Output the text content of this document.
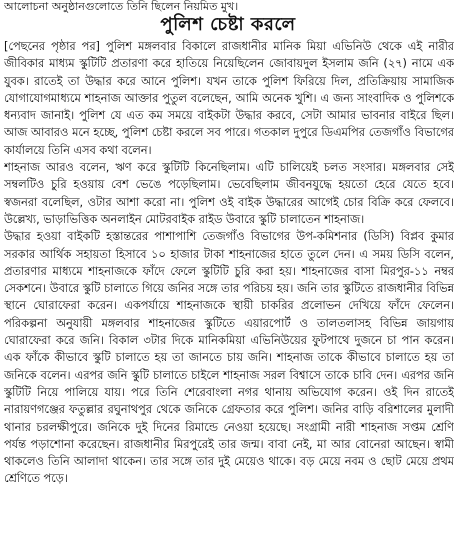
আলোচনা অনুষ্ঠানগুলোতে তিনি ছিলেন নিয়মিত মুখ।
পুলিশ চেষ্টা করলে

[পেছনের পৃষ্ঠার পর] পুলিশ মঙ্গলবার বিকালে রাজধানীর মানিক মিয়া এভিনিউ থেকে এই নারীর জীবিকার মাধ্যম স্কুটিটি প্রতারণা করে হাতিয়ে নিয়েছিলেন জোবায়দুল ইসলাম জনি (২৭) নামে এক যুবক। রাতেই তা উদ্ধার করে আনে পুলিশ। যখন তাকে পুলিশ ফিরিয়ে দিল, প্রতিক্রিয়ায় সামাজিক যোগাযোগমাধ্যমে শাহনাজ আক্তার পুতুল বলেছেন, আমি অনেক খুশি। এ জন্য সাংবাদিক ও পুলিশকে ধন্যবাদ জানাই। পুলিশ যে এত কম সময়ে বাইকটা উদ্ধার করবে, সেটা আমার ভাবনার বাইরে ছিল। আজ আবারও মনে হচ্ছে, পুলিশ চেষ্টা করলে সব পারে। গতকাল দুপুরে ডিএমপির তেজগাঁও বিভাগের কার্যালয়ে তিনি এসব কথা বলেন।

শাহনাজ আরও বলেন, ঋণ করে স্কুটিটি কিনেছিলাম। এটি চালিয়েই চলত সংসার। মঙ্গলবার সেই সম্বলটিও চুরি হওয়ায় বেশ ভেঙে পড়েছিলাম। ভেবেছিলাম জীবনযুদ্ধে হয়তো হেরে যেতে হবে। স্বজনরা বলেছিল, ওটার আশা করো না। পুলিশ ওই বাইক উদ্ধারের আগেই চোর বিক্রি করে ফেলবে। উল্লেখ্য, ভাড়াভিত্তিক অনলাইন মোটরবাইক রাইড উবারে স্কুটি চালাতেন শাহনাজ।

উদ্ধার হওয়া বাইকটি হস্তান্তরের পাশাপাশি তেজগাঁও বিভাগের উপ-কমিশনার (ডিসি) বিপ্লব কুমার সরকার আর্থিক সহায়তা হিসাবে ১০ হাজার টাকা শাহনাজের হাতে তুলে দেন। এ সময় ডিসি বলেন, প্রতারণার মাধ্যমে শাহনাজকে ফাঁদে ফেলে স্কুটিটি চুরি করা হয়। শাহনাজের বাসা মিরপুর-১১ নম্বর সেকশনে। উবারে স্কুটি চালাতে গিয়ে জনির সঙ্গে তার পরিচয় হয়। জনি তার স্কুটিতে রাজধানীর বিভিন্ন স্থানে ঘোরাফেরা করেন। একপর্যায়ে শাহনাজকে স্থায়ী চাকরির প্রলোভন দেখিয়ে ফাঁদে ফেলেন। পরিকল্পনা অনুযায়ী মঙ্গলবার শাহনাজের স্কুটিতে এয়ারপোর্ট ও তালতলাসহ বিভিন্ন জায়গায় ঘোরাফেরা করে জনি। বিকাল ৩টার দিকে মানিকমিয়া এভিনিউয়ের ফুটপাথে দুজনে চা পান করেন। এক ফাঁকে কীভাবে স্কুটি চালাতে হয় তা জানতে চায় জনি। শাহনাজ তাকে কীভাবে চালাতে হয় তা জনিকে বলেন। এরপর জনি স্কুটি চালাতে চাইলে শাহনাজ সরল বিশ্বাসে তাকে চাবি দেন। এরপর জনি স্কুটিটি নিয়ে পালিয়ে যায়। পরে তিনি শেরেবাংলা নগর থানায় অভিযোগ করেন। ওই দিন রাতেই নারায়ণগঞ্জের ফতুল্লার রঘুনাথপুর থেকে জনিকে গ্রেফতার করে পুলিশ। জনির বাড়ি বরিশালের মুলাদী থানার চরলক্ষীপুরে। জনিকে দুই দিনের রিমান্ডে নেওয়া হয়েছে। সংগ্রামী নারী শাহনাজ সপ্তম শ্রেণি পর্যন্ত পড়াশোনা করেছেন। রাজধানীর মিরপুরেই তার জন্ম। বাবা নেই, মা আর বোনেরা আছেন। স্বামী থাকলেও তিনি আলাদা থাকেন। তার সঙ্গে তার দুই মেয়েও থাকে। বড় মেয়ে নবম ও ছোট মেয়ে প্রথম শ্রেণিতে পড়ে।
